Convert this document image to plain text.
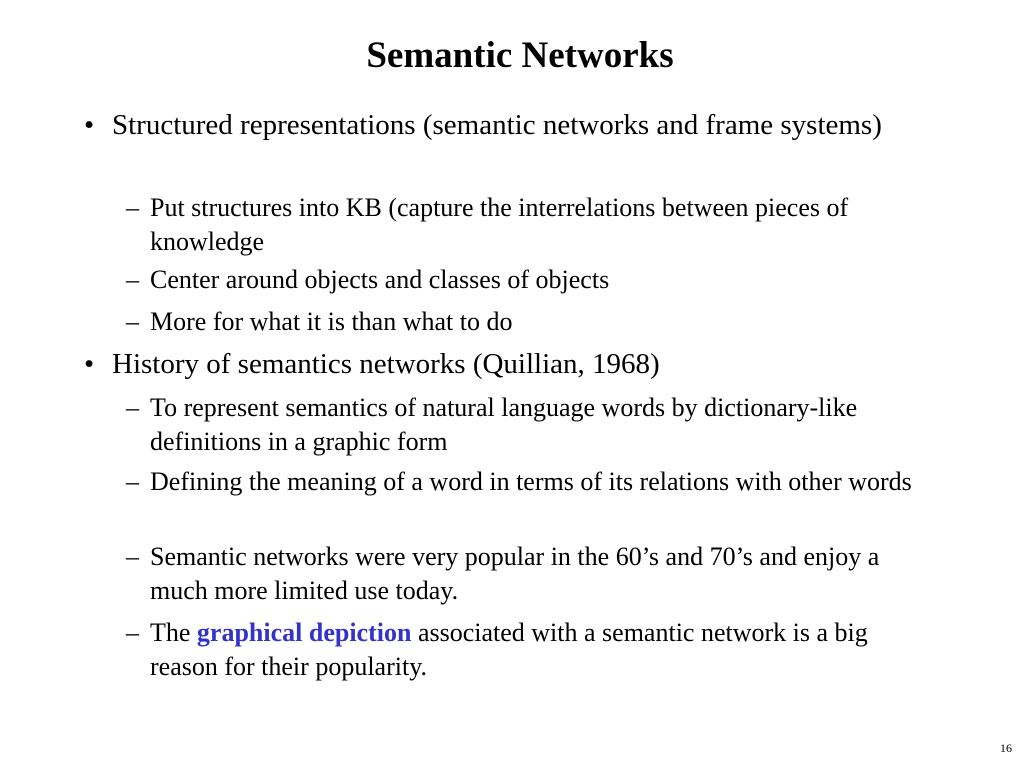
Semantic Networks

• Structured representations (semantic networks and frame systems)

– Put structures into KB (capture the interrelations between pieces of knowledge

– Center around objects and classes of objects

– More for what it is than what to do

• History of semantics networks (Quillian, 1968)

– To represent semantics of natural language words by dictionary-like definitions in a graphic form

– Defining the meaning of a word in terms of its relations with other words

– Semantic networks were very popular in the 60’s and 70’s and enjoy a much more limited use today.

– The graphical depiction associated with a semantic network is a big reason for their popularity.

16
